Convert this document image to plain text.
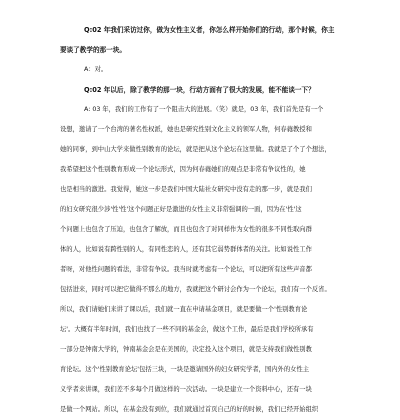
Q:02 年我们采访过你，做为女性主义者，你怎么样开始你们的行动，那个时候，你主
要谈了教学的那一块。
A：对。
Q:02 年以后，除了教学的那一块，行动方面有了很大的发展，能不能谈一下？
A: 03 年，我们的工作有了一个阻击大的进展。（笑）就是，03 年，我们首先是有一个
设想，邀请了一个台湾的著名性权派，她也是研究性别文化主义的领军人物，何春蕤教授和
她的同事，到中山大学来做性别教育的论坛，就是把从这个论坛在这里做。我就是了个了个想法，
我希望把这个性别教育形成一个论坛形式，因为何春蕤她们的观点是非常有争议性的，她
也是相当的激进。我觉得，她这一步是我们中国大陆社女研究中没有走的那一步，就是我们
的妇女研究很少涉'性'性'这个问题正好是激进的女性主义非常强调的一面，因为在'性'这
个问题上也包含了压迫，也包含了解放，而且也包含了对同样作为女性的很多不同性取向群
体的人，比如说有跨性别的人，有同性恋的人，还有其它弱势群体者的关注。比如说性工作
者呀，对他性问题的看法，非常有争议。我当时就考虑有一个论坛，可以把所有这些声音都
包括进来，同时可以把它做得不那么的地方，我就把这个研讨会作为一个论坛，我们有一个反省。
所以，我们请她们来讲了课以后，我们就一直在申请基金项目，就是要做一个'性别教育论
坛'。大概有半年时间，我们也找了一些不同的基金会，做这个工作，最后是我们学校所承有
一部分是钟南大学的，钟南基金会是在美国的，决定投入这个项目，就是支持我们做性别教
育论坛。这个'性别教育论坛'包括三块，一块是邀请国外的妇女研究学者，国内外的女性主
义学者来讲课，我们差不多每个月做这样的一次活动。一块是建立一个资料中心，还有一块
是做一个网站。所以，在基金没有到位，我们就通过首页自己的好的时候，我们已经开始组织
